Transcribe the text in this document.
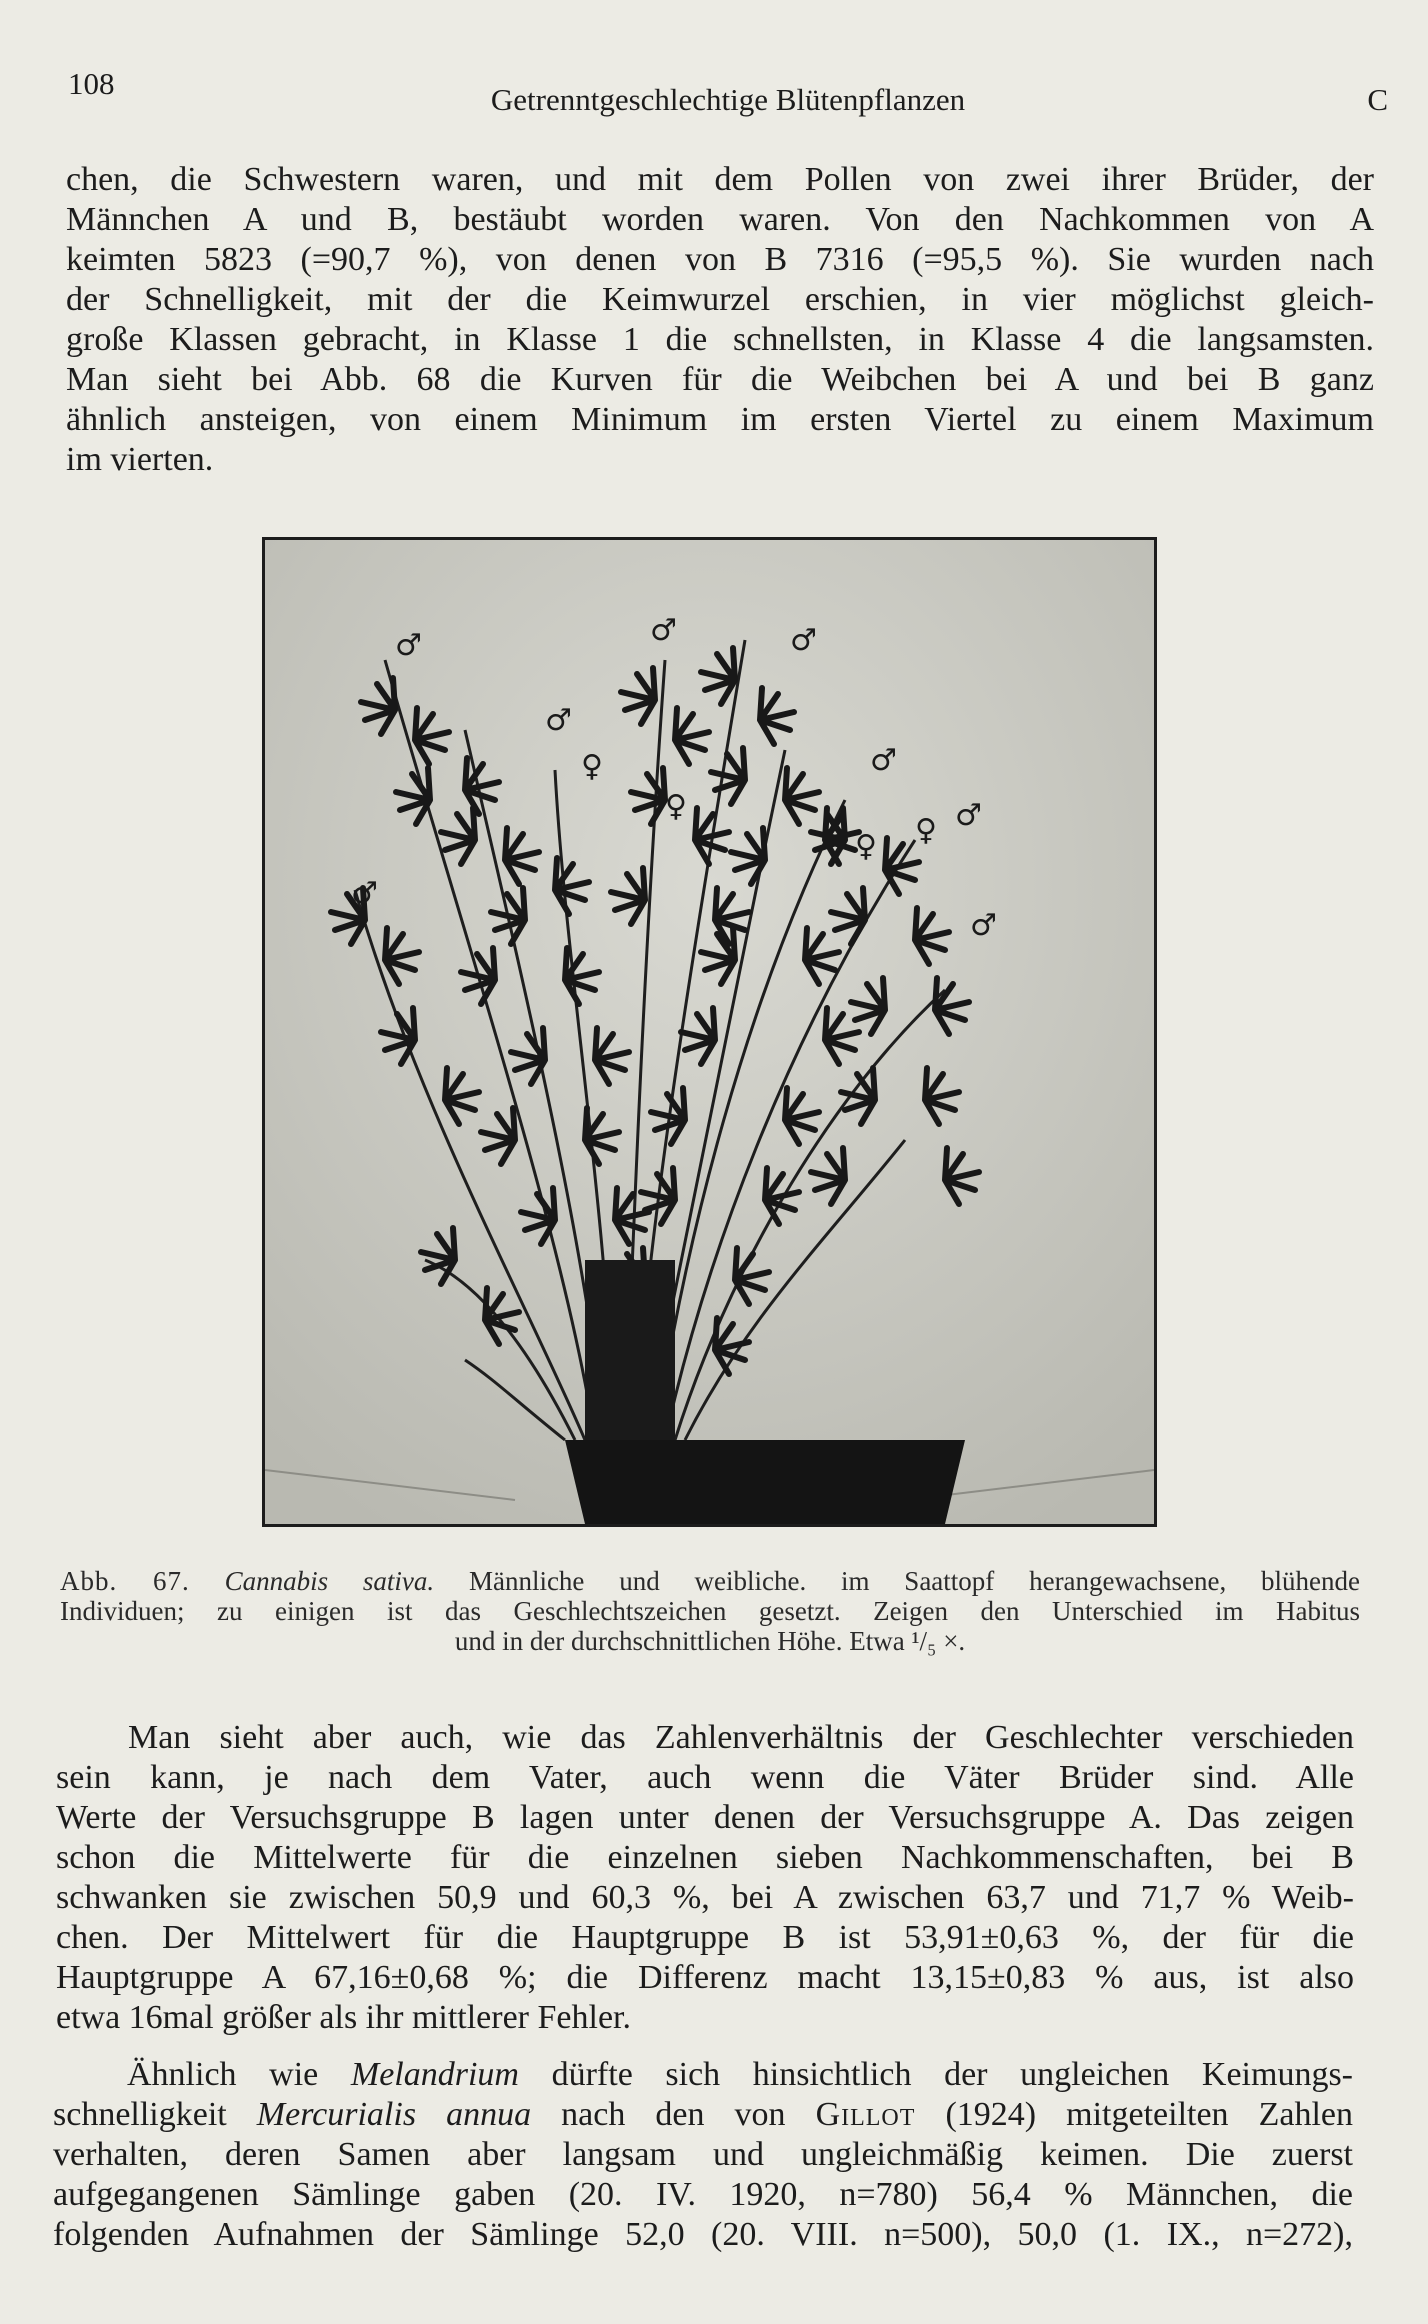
108	Getrenntgeschlechtige Blütenpflanzen	C

chen, die Schwestern waren, und mit dem Pollen von zwei ihrer Brüder, der
Männchen A und B, bestäubt worden waren. Von den Nachkommen von A
keimten 5823 (=90,7 %), von denen von B 7316 (=95,5 %). Sie wurden nach
der Schnelligkeit, mit der die Keimwurzel erschien, in vier möglichst gleich-
große Klassen gebracht, in Klasse 1 die schnellsten, in Klasse 4 die langsamsten.
Man sieht bei Abb. 68 die Kurven für die Weibchen bei A und bei B ganz
ähnlich ansteigen, von einem Minimum im ersten Viertel zu einem Maximum
im vierten.

♂
♂
♂	♂
♂
♂
♂
♂
♀
♀
♀ ♀
Abb. 67. Cannabis sativa. Männliche und weibliche. im Saattopf herangewachsene, blühende
Individuen; zu einigen ist das Geschlechtszeichen gesetzt. Zeigen den Unterschied im Habitus
und in der durchschnittlichen Höhe. Etwa ¹/₅ ×.

Man sieht aber auch, wie das Zahlenverhältnis der Geschlechter verschieden
sein kann, je nach dem Vater, auch wenn die Väter Brüder sind. Alle
Werte der Versuchsgruppe B lagen unter denen der Versuchsgruppe A. Das zeigen
schon die Mittelwerte für die einzelnen sieben Nachkommenschaften, bei B
schwanken sie zwischen 50,9 und 60,3 %, bei A zwischen 63,7 und 71,7 % Weib-
chen. Der Mittelwert für die Hauptgruppe B ist 53,91±0,63 %, der für die
Hauptgruppe A 67,16±0,68 %; die Differenz macht 13,15±0,83 % aus, ist also
etwa 16mal größer als ihr mittlerer Fehler.

Ähnlich wie Melandrium dürfte sich hinsichtlich der ungleichen Keimungs-
schnelligkeit Mercurialis annua nach den von Gillot (1924) mitgeteilten Zahlen
verhalten, deren Samen aber langsam und ungleichmäßig keimen. Die zuerst
aufgegangenen Sämlinge gaben (20. IV. 1920, n=780) 56,4 % Männchen, die
folgenden Aufnahmen der Sämlinge 52,0 (20. VIII. n=500), 50,0 (1. IX., n=272),
